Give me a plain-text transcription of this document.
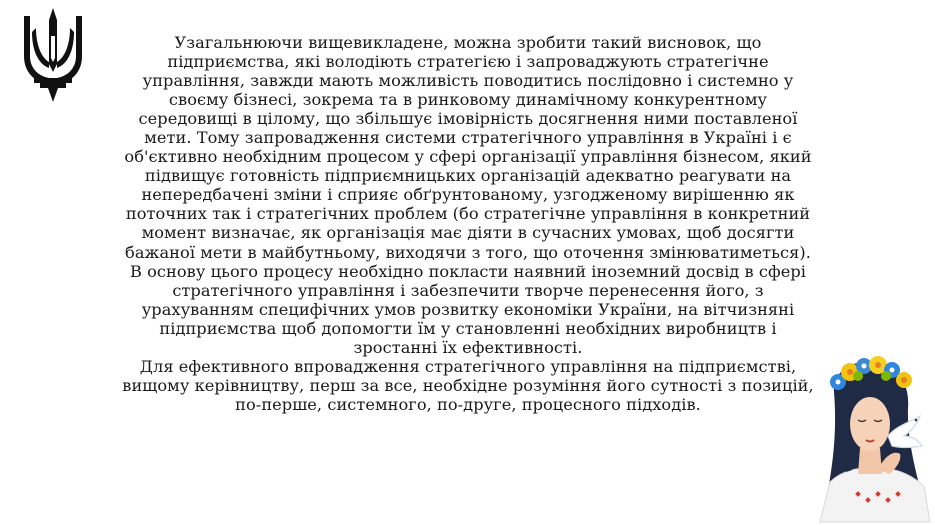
Узагальнюючи вищевикладене, можна зробити такий висновок, що підприємства, які володіють стратегією і запроваджують стратегічне управління, завжди мають можливість поводитись послідовно і системно у своєму бізнесі, зокрема та в ринковому динамічному конкурентному середовищі в цілому, що збільшує імовірність досягнення ними поставленої мети. Тому запровадження системи стратегічного управління в Україні і є об'єктивно необхідним процесом у сфері організації управління бізнесом, який підвищує готовність підприємницьких організацій адекватно реагувати на непередбачені зміни і сприяє обґрунтованому, узгодженому вирішенню як поточних так і стратегічних проблем (бо стратегічне управління в конкретний момент визначає, як організація має діяти в сучасних умовах, щоб досягти бажаної мети в майбутньому, виходячи з того, що оточення змінюватиметься). В основу цього процесу необхідно покласти наявний іноземний досвід в сфері стратегічного управління і забезпечити творче перенесення його, з урахуванням специфічних умов розвитку економіки України, на вітчизняні підприємства щоб допомогти їм у становленні необхідних виробництв і зростанні їх ефективності.

Для ефективного впровадження стратегічного управління на підприємстві, вищому керівництву, перш за все, необхідне розуміння його сутності з позицій, по-перше, системного, по-друге, процесного підходів.
